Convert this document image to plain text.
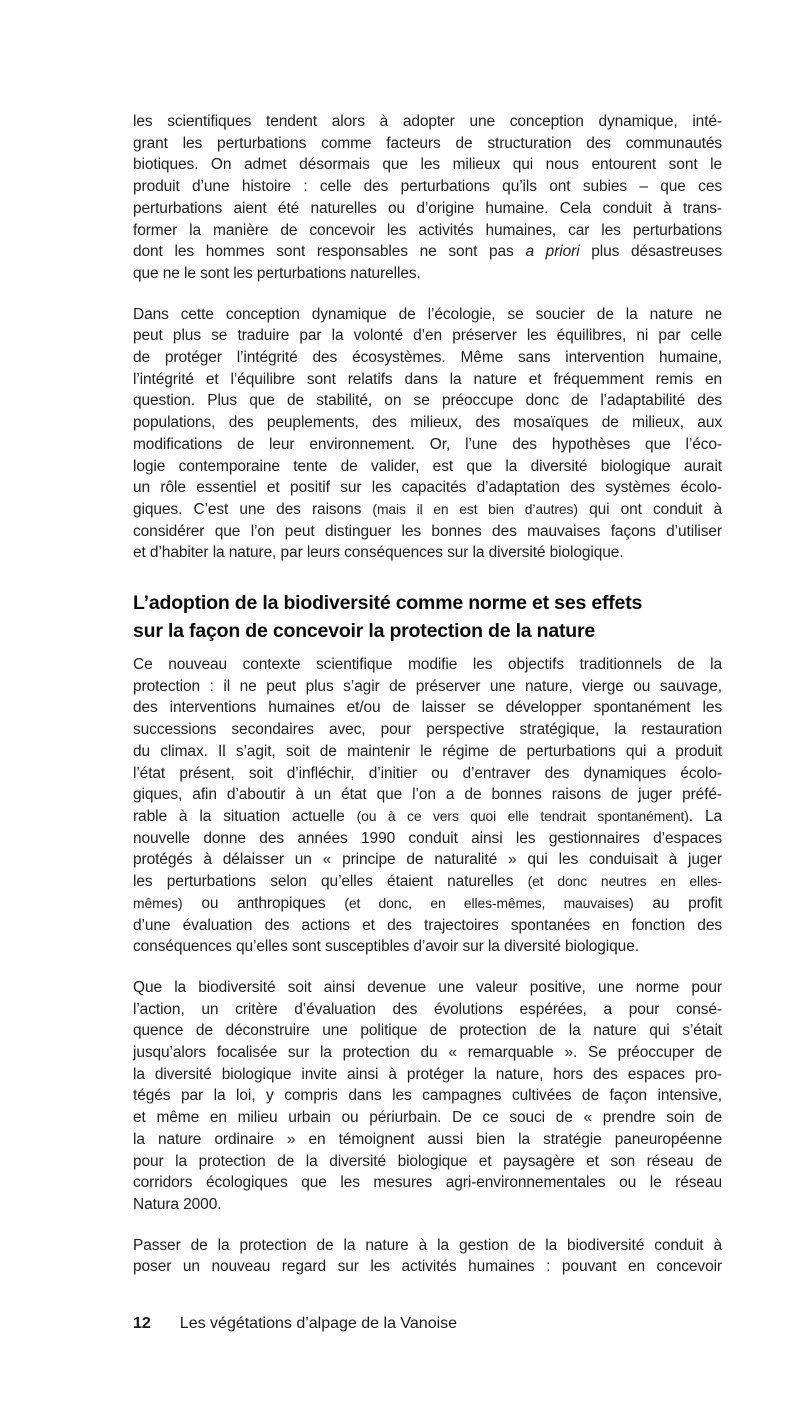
les scientifiques tendent alors à adopter une conception dynamique, inté-
grant les perturbations comme facteurs de structuration des communautés
biotiques. On admet désormais que les milieux qui nous entourent sont le
produit d’une histoire : celle des perturbations qu’ils ont subies – que ces
perturbations aient été naturelles ou d’origine humaine. Cela conduit à trans-
former la manière de concevoir les activités humaines, car les perturbations
dont les hommes sont responsables ne sont pas a priori plus désastreuses
que ne le sont les perturbations naturelles.

Dans cette conception dynamique de l’écologie, se soucier de la nature ne
peut plus se traduire par la volonté d’en préserver les équilibres, ni par celle
de protéger l’intégrité des écosystèmes. Même sans intervention humaine,
l’intégrité et l’équilibre sont relatifs dans la nature et fréquemment remis en
question. Plus que de stabilité, on se préoccupe donc de l’adaptabilité des
populations, des peuplements, des milieux, des mosaïques de milieux, aux
modifications de leur environnement. Or, l’une des hypothèses que l’éco-
logie contemporaine tente de valider, est que la diversité biologique aurait
un rôle essentiel et positif sur les capacités d’adaptation des systèmes écolo-
giques. C’est une des raisons (mais il en est bien d’autres) qui ont conduit à
considérer que l’on peut distinguer les bonnes des mauvaises façons d’utiliser
et d’habiter la nature, par leurs conséquences sur la diversité biologique.

L’adoption de la biodiversité comme norme et ses effets
sur la façon de concevoir la protection de la nature

Ce nouveau contexte scientifique modifie les objectifs traditionnels de la
protection : il ne peut plus s’agir de préserver une nature, vierge ou sauvage,
des interventions humaines et/ou de laisser se développer spontanément les
successions secondaires avec, pour perspective stratégique, la restauration
du climax. Il s’agit, soit de maintenir le régime de perturbations qui a produit
l’état présent, soit d’infléchir, d’initier ou d’entraver des dynamiques écolo-
giques, afin d’aboutir à un état que l’on a de bonnes raisons de juger préfé-
rable à la situation actuelle (ou à ce vers quoi elle tendrait spontanément). La
nouvelle donne des années 1990 conduit ainsi les gestionnaires d’espaces
protégés à délaisser un « principe de naturalité » qui les conduisait à juger
les perturbations selon qu’elles étaient naturelles (et donc neutres en elles-
mêmes) ou anthropiques (et donc, en elles-mêmes, mauvaises) au profit
d’une évaluation des actions et des trajectoires spontanées en fonction des
conséquences qu’elles sont susceptibles d’avoir sur la diversité biologique.

Que la biodiversité soit ainsi devenue une valeur positive, une norme pour
l’action, un critère d’évaluation des évolutions espérées, a pour consé-
quence de déconstruire une politique de protection de la nature qui s’était
jusqu’alors focalisée sur la protection du « remarquable ». Se préoccuper de
la diversité biologique invite ainsi à protéger la nature, hors des espaces pro-
tégés par la loi, y compris dans les campagnes cultivées de façon intensive,
et même en milieu urbain ou périurbain. De ce souci de « prendre soin de
la nature ordinaire » en témoignent aussi bien la stratégie paneuropéenne
pour la protection de la diversité biologique et paysagère et son réseau de
corridors écologiques que les mesures agri-environnementales ou le réseau
Natura 2000.

Passer de la protection de la nature à la gestion de la biodiversité conduit à
poser un nouveau regard sur les activités humaines : pouvant en concevoir

12 Les végétations d’alpage de la Vanoise
